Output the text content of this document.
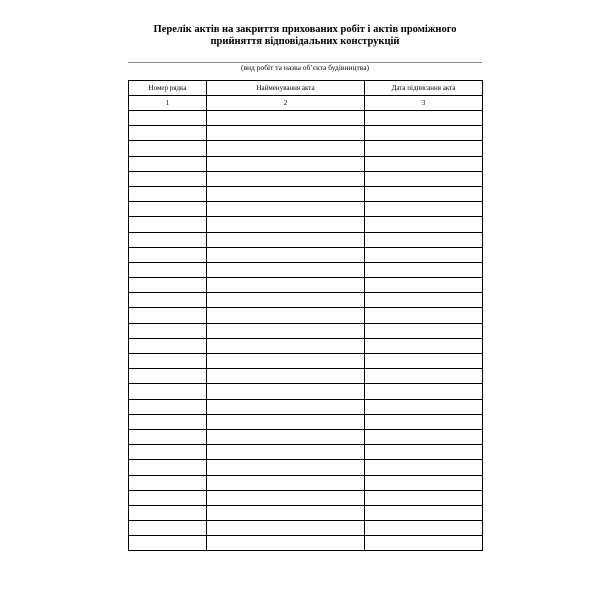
Перелік актів на закриття прихованих робіт і актів проміжного прийняття відповідальних конструкцій
(вид робіт та назва об’єкта будівництва)
Номер рядка	Найменування акта	Дата підписання акта
1	2	3
